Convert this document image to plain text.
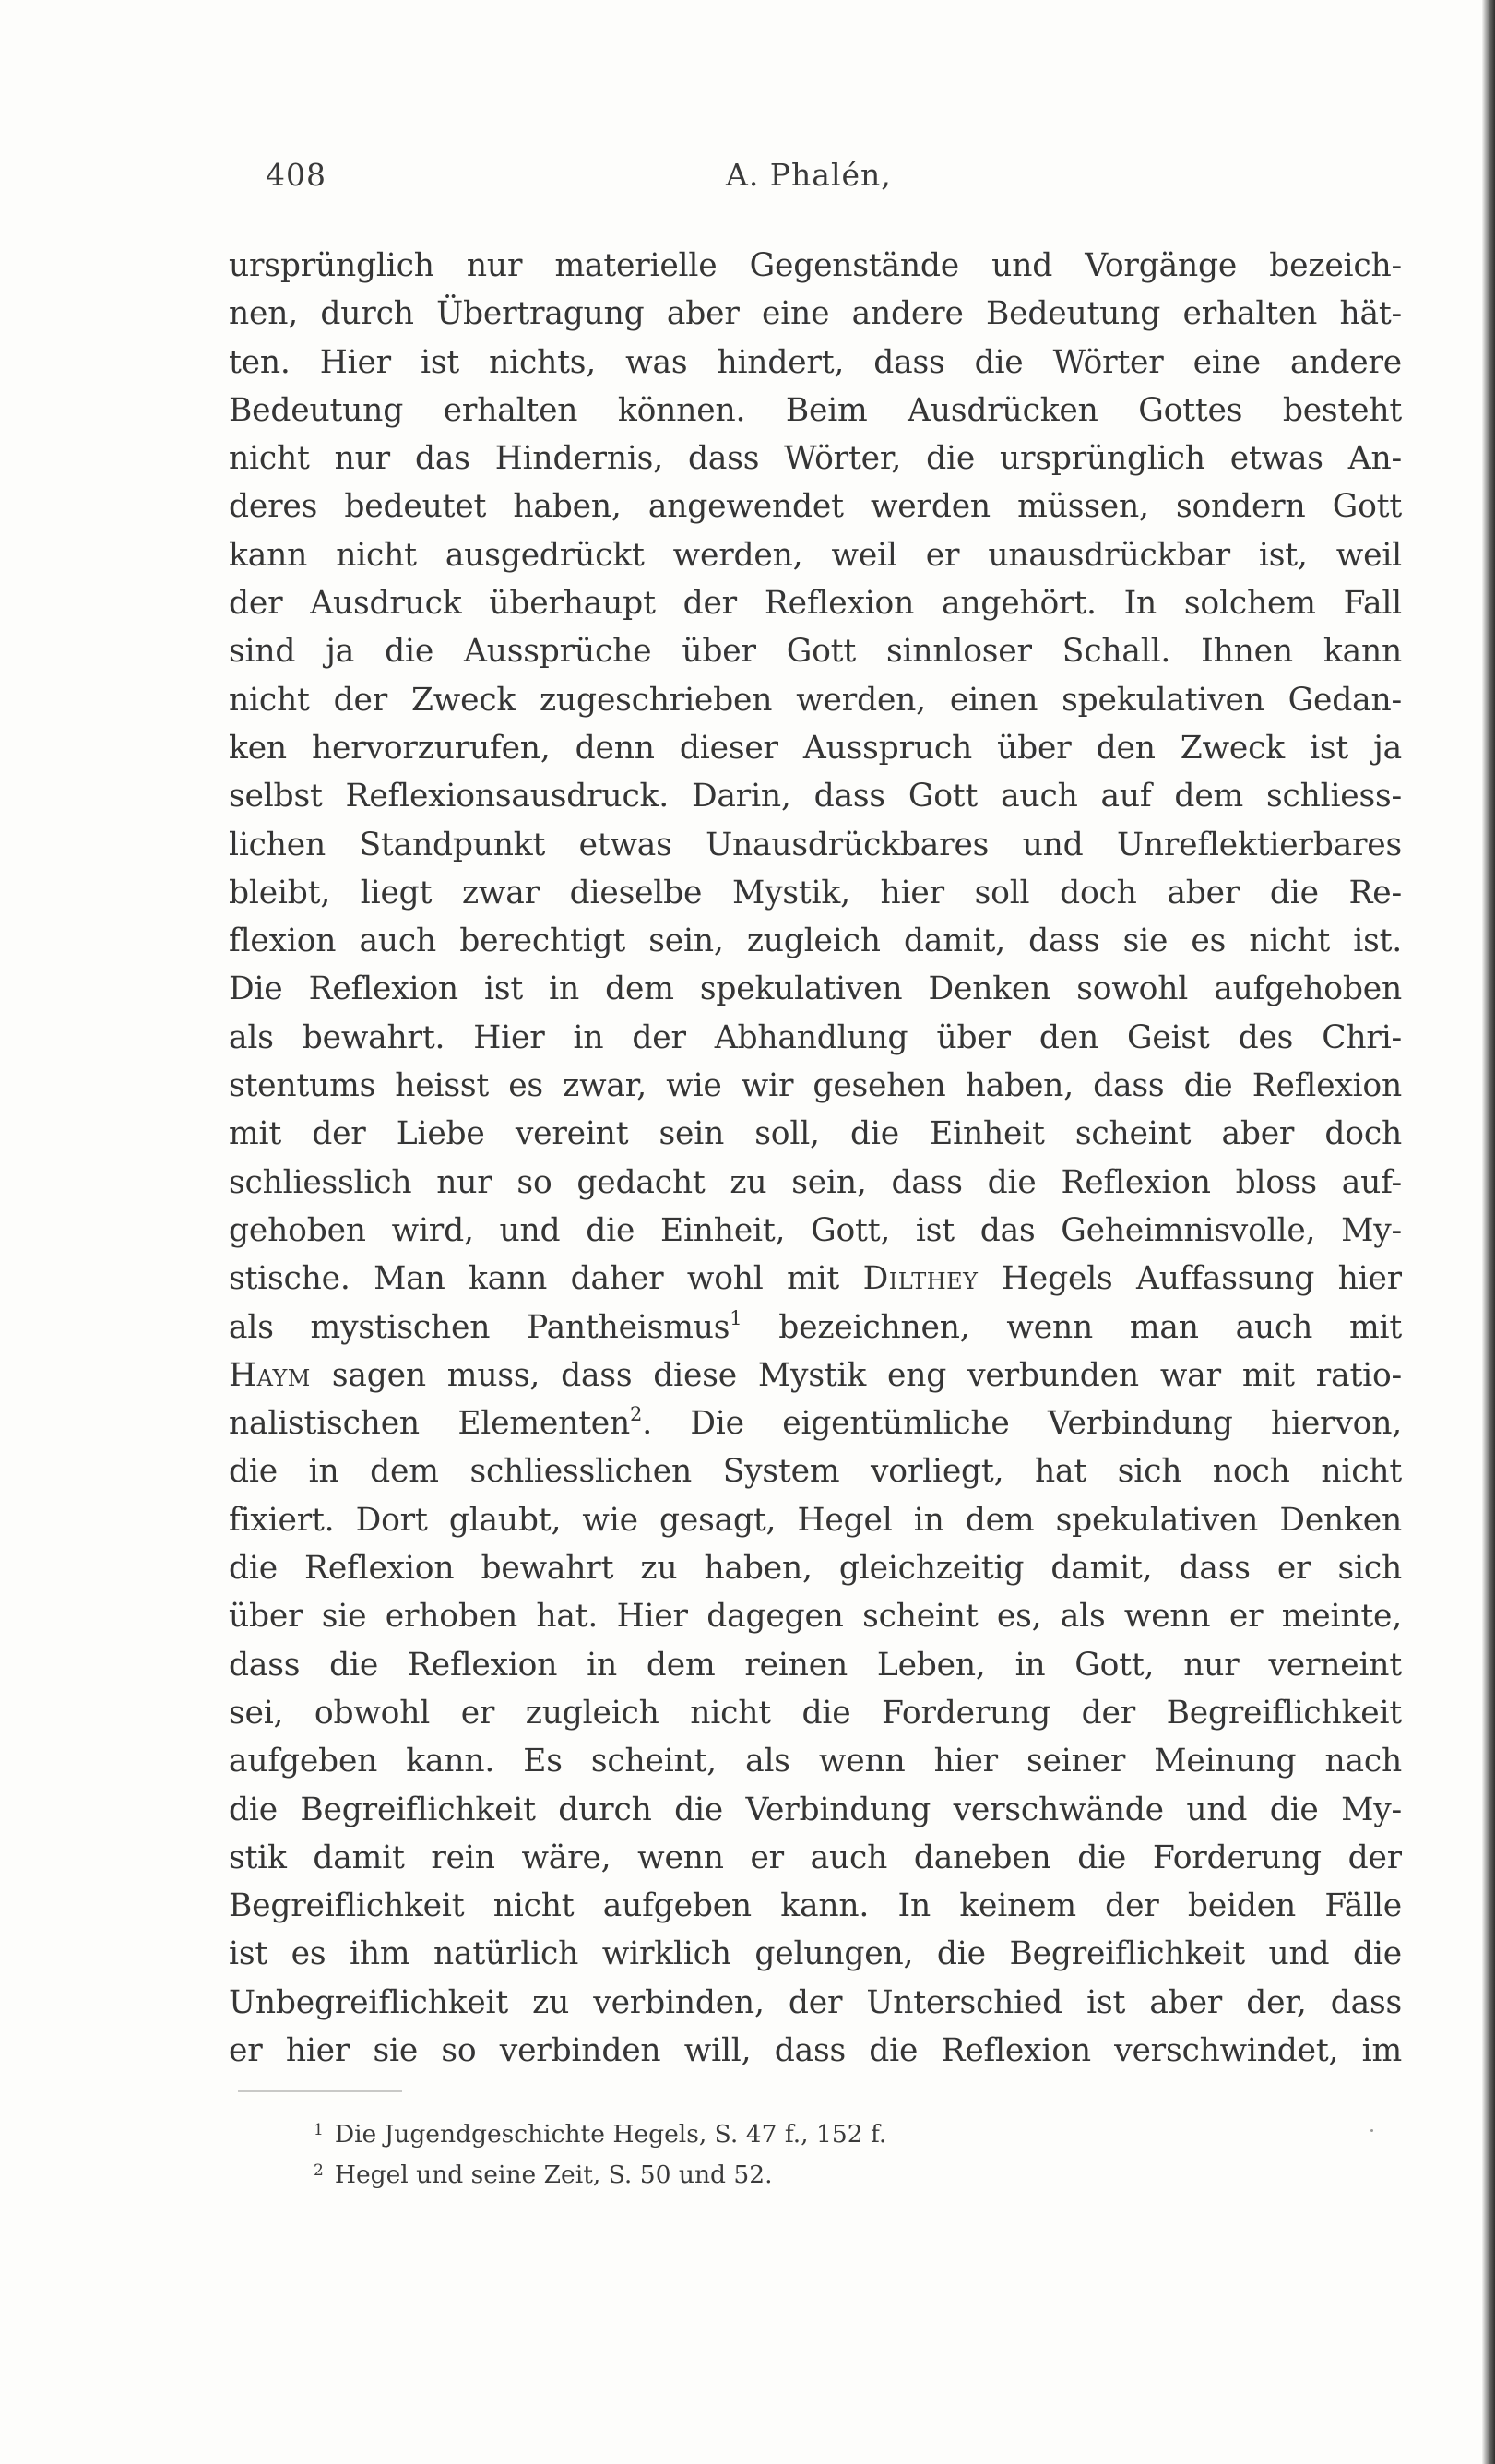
408	A. Phalén,
ursprünglich nur materielle Gegenstände und Vorgänge bezeich-
nen, durch Übertragung aber eine andere Bedeutung erhalten hät-
ten. Hier ist nichts, was hindert, dass die Wörter eine andere
Bedeutung erhalten können. Beim Ausdrücken Gottes besteht
nicht nur das Hindernis, dass Wörter, die ursprünglich etwas An-
deres bedeutet haben, angewendet werden müssen, sondern Gott
kann nicht ausgedrückt werden, weil er unausdrückbar ist, weil
der Ausdruck überhaupt der Reflexion angehört. In solchem Fall
sind ja die Aussprüche über Gott sinnloser Schall. Ihnen kann
nicht der Zweck zugeschrieben werden, einen spekulativen Gedan-
ken hervorzurufen, denn dieser Ausspruch über den Zweck ist ja
selbst Reflexionsausdruck. Darin, dass Gott auch auf dem schliess-
lichen Standpunkt etwas Unausdrückbares und Unreflektierbares
bleibt, liegt zwar dieselbe Mystik, hier soll doch aber die Re-
flexion auch berechtigt sein, zugleich damit, dass sie es nicht ist.
Die Reflexion ist in dem spekulativen Denken sowohl aufgehoben
als bewahrt. Hier in der Abhandlung über den Geist des Chri-
stentums heisst es zwar, wie wir gesehen haben, dass die Reflexion
mit der Liebe vereint sein soll, die Einheit scheint aber doch
schliesslich nur so gedacht zu sein, dass die Reflexion bloss auf-
gehoben wird, und die Einheit, Gott, ist das Geheimnisvolle, My-
stische. Man kann daher wohl mit Dilthey Hegels Auffassung hier
als mystischen Pantheismus$^1$ bezeichnen, wenn man auch mit
Haym sagen muss, dass diese Mystik eng verbunden war mit ratio-
nalistischen Elementen$^2$. Die eigentümliche Verbindung hiervon,
die in dem schliesslichen System vorliegt, hat sich noch nicht
fixiert. Dort glaubt, wie gesagt, Hegel in dem spekulativen Denken
die Reflexion bewahrt zu haben, gleichzeitig damit, dass er sich
über sie erhoben hat. Hier dagegen scheint es, als wenn er meinte,
dass die Reflexion in dem reinen Leben, in Gott, nur verneint
sei, obwohl er zugleich nicht die Forderung der Begreiflichkeit
aufgeben kann. Es scheint, als wenn hier seiner Meinung nach
die Begreiflichkeit durch die Verbindung verschwände und die My-
stik damit rein wäre, wenn er auch daneben die Forderung der
Begreiflichkeit nicht aufgeben kann. In keinem der beiden Fälle
ist es ihm natürlich wirklich gelungen, die Begreiflichkeit und die
Unbegreiflichkeit zu verbinden, der Unterschied ist aber der, dass
er hier sie so verbinden will, dass die Reflexion verschwindet, im
$^1$ Die Jugendgeschichte Hegels, S. 47 f., 152 f.
$^2$ Hegel und seine Zeit, S. 50 und 52.
